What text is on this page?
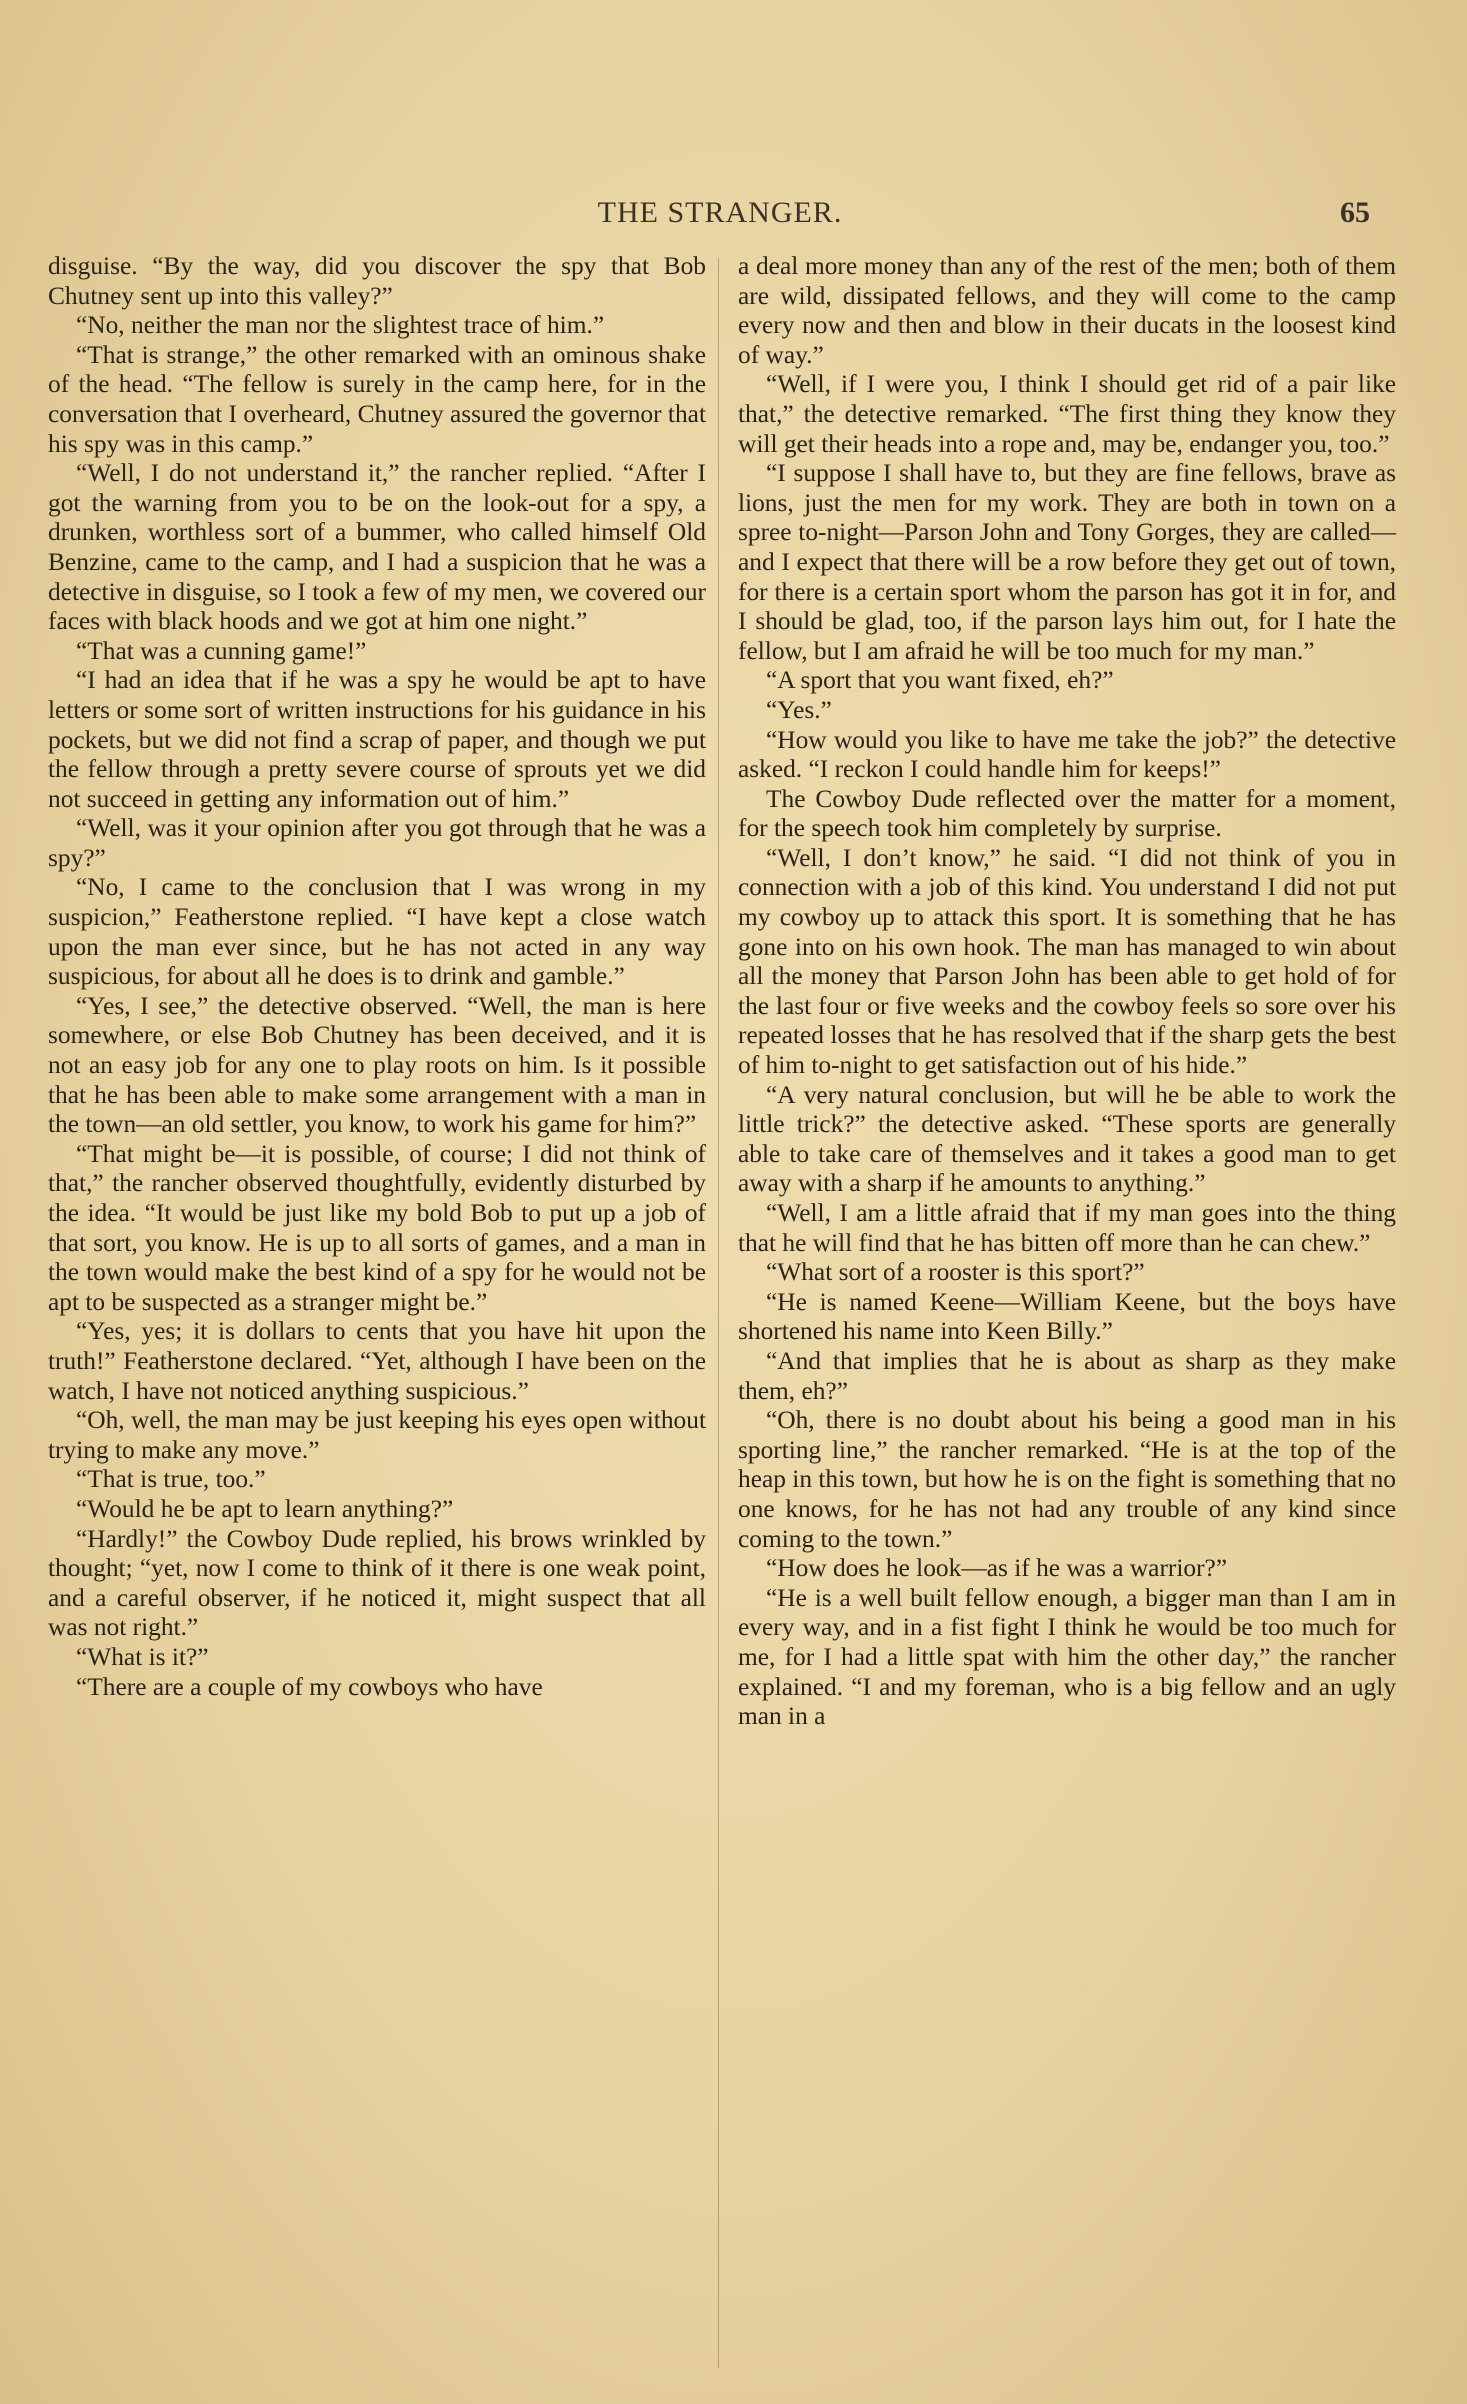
THE STRANGER.	65

disguise. “By the way, did you discover the spy that Bob Chutney sent up into this valley?”

“No, neither the man nor the slightest trace of him.”

“That is strange,” the other remarked with an ominous shake of the head. “The fellow is surely in the camp here, for in the conversation that I overheard, Chutney assured the governor that his spy was in this camp.”

“Well, I do not understand it,” the rancher replied. “After I got the warning from you to be on the look-out for a spy, a drunken, worthless sort of a bummer, who called himself Old Benzine, came to the camp, and I had a suspicion that he was a detective in disguise, so I took a few of my men, we covered our faces with black hoods and we got at him one night.”

“That was a cunning game!”

“I had an idea that if he was a spy he would be apt to have letters or some sort of written instructions for his guidance in his pockets, but we did not find a scrap of paper, and though we put the fellow through a pretty severe course of sprouts yet we did not succeed in getting any information out of him.”

“Well, was it your opinion after you got through that he was a spy?”

“No, I came to the conclusion that I was wrong in my suspicion,” Featherstone replied. “I have kept a close watch upon the man ever since, but he has not acted in any way suspicious, for about all he does is to drink and gamble.”

“Yes, I see,” the detective observed. “Well, the man is here somewhere, or else Bob Chutney has been deceived, and it is not an easy job for any one to play roots on him. Is it possible that he has been able to make some arrangement with a man in the town—an old settler, you know, to work his game for him?”

“That might be—it is possible, of course; I did not think of that,” the rancher observed thoughtfully, evidently disturbed by the idea. “It would be just like my bold Bob to put up a job of that sort, you know. He is up to all sorts of games, and a man in the town would make the best kind of a spy for he would not be apt to be suspected as a stranger might be.”

“Yes, yes; it is dollars to cents that you have hit upon the truth!” Featherstone declared. “Yet, although I have been on the watch, I have not noticed anything suspicious.”

“Oh, well, the man may be just keeping his eyes open without trying to make any move.”

“That is true, too.”

“Would he be apt to learn anything?”

“Hardly!” the Cowboy Dude replied, his brows wrinkled by thought; “yet, now I come to think of it there is one weak point, and a careful observer, if he noticed it, might suspect that all was not right.”

“What is it?”

“There are a couple of my cowboys who have

a deal more money than any of the rest of the men; both of them are wild, dissipated fellows, and they will come to the camp every now and then and blow in their ducats in the loosest kind of way.”

“Well, if I were you, I think I should get rid of a pair like that,” the detective remarked. “The first thing they know they will get their heads into a rope and, may be, endanger you, too.”

“I suppose I shall have to, but they are fine fellows, brave as lions, just the men for my work. They are both in town on a spree to-night—Parson John and Tony Gorges, they are called—and I expect that there will be a row before they get out of town, for there is a certain sport whom the parson has got it in for, and I should be glad, too, if the parson lays him out, for I hate the fellow, but I am afraid he will be too much for my man.”

“A sport that you want fixed, eh?”

“Yes.”

“How would you like to have me take the job?” the detective asked. “I reckon I could handle him for keeps!”

The Cowboy Dude reflected over the matter for a moment, for the speech took him completely by surprise.

“Well, I don’t know,” he said. “I did not think of you in connection with a job of this kind. You understand I did not put my cowboy up to attack this sport. It is something that he has gone into on his own hook. The man has managed to win about all the money that Parson John has been able to get hold of for the last four or five weeks and the cowboy feels so sore over his repeated losses that he has resolved that if the sharp gets the best of him to-night to get satisfaction out of his hide.”

“A very natural conclusion, but will he be able to work the little trick?” the detective asked. “These sports are generally able to take care of themselves and it takes a good man to get away with a sharp if he amounts to anything.”

“Well, I am a little afraid that if my man goes into the thing that he will find that he has bitten off more than he can chew.”

“What sort of a rooster is this sport?”

“He is named Keene—William Keene, but the boys have shortened his name into Keen Billy.”

“And that implies that he is about as sharp as they make them, eh?”

“Oh, there is no doubt about his being a good man in his sporting line,” the rancher remarked. “He is at the top of the heap in this town, but how he is on the fight is something that no one knows, for he has not had any trouble of any kind since coming to the town.”

“How does he look—as if he was a warrior?”

“He is a well built fellow enough, a bigger man than I am in every way, and in a fist fight I think he would be too much for me, for I had a little spat with him the other day,” the rancher explained. “I and my foreman, who is a big fellow and an ugly man in a
